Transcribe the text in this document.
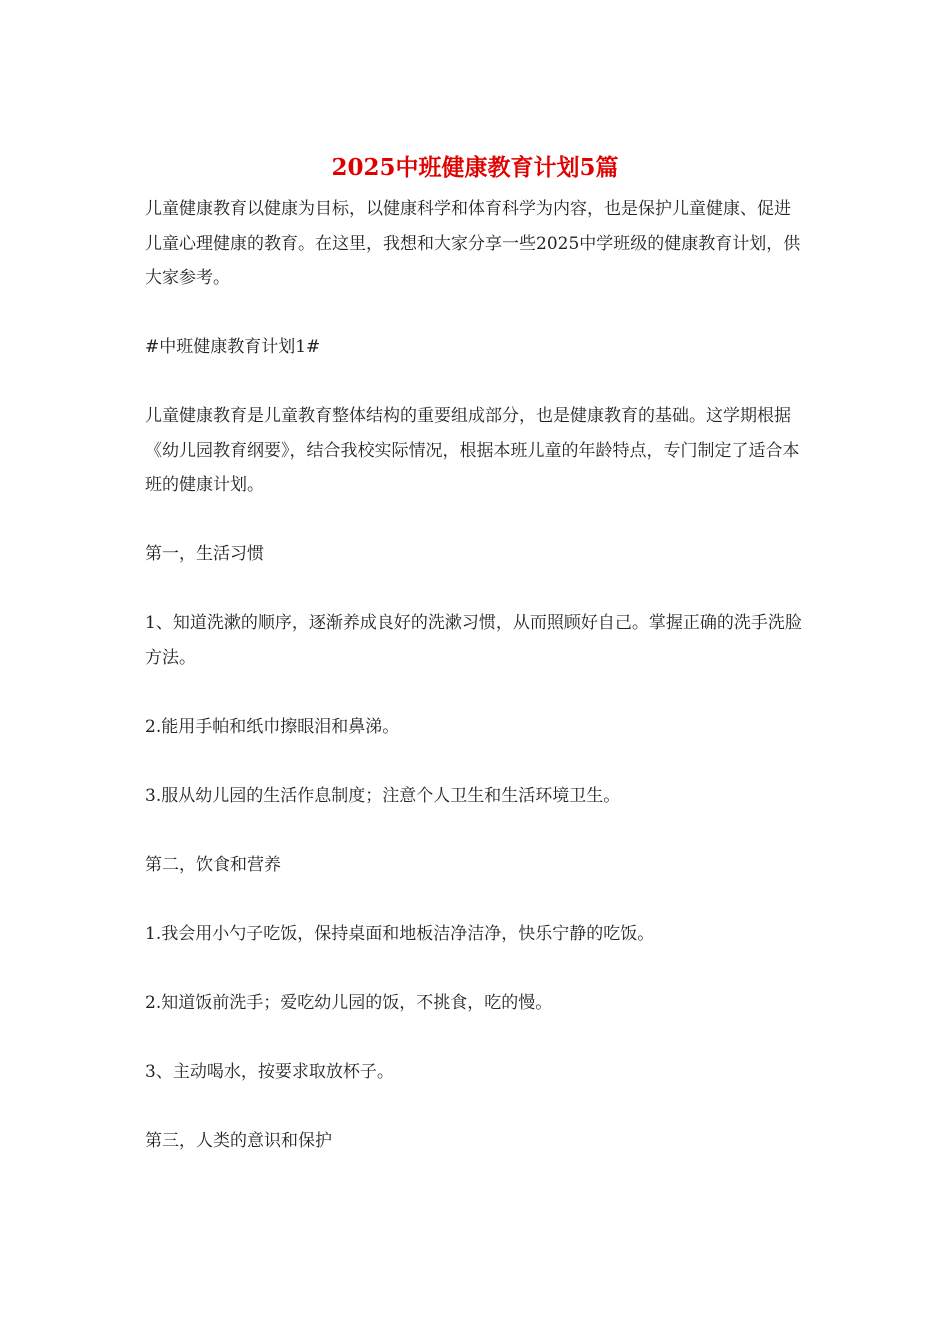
2025中班健康教育计划5篇

儿童健康教育以健康为目标，以健康科学和体育科学为内容，也是保护儿童健康、促进儿童心理健康的教育。在这里，我想和大家分享一些2025中学班级的健康教育计划，供大家参考。

#中班健康教育计划1#

儿童健康教育是儿童教育整体结构的重要组成部分，也是健康教育的基础。这学期根据《幼儿园教育纲要》，结合我校实际情况，根据本班儿童的年龄特点，专门制定了适合本班的健康计划。

第一，生活习惯

1、知道洗漱的顺序，逐渐养成良好的洗漱习惯，从而照顾好自己。掌握正确的洗手洗脸方法。

2.能用手帕和纸巾擦眼泪和鼻涕。

3.服从幼儿园的生活作息制度；注意个人卫生和生活环境卫生。

第二，饮食和营养

1.我会用小勺子吃饭，保持桌面和地板洁净洁净，快乐宁静的吃饭。

2.知道饭前洗手；爱吃幼儿园的饭，不挑食，吃的慢。

3、主动喝水，按要求取放杯子。

第三，人类的意识和保护
